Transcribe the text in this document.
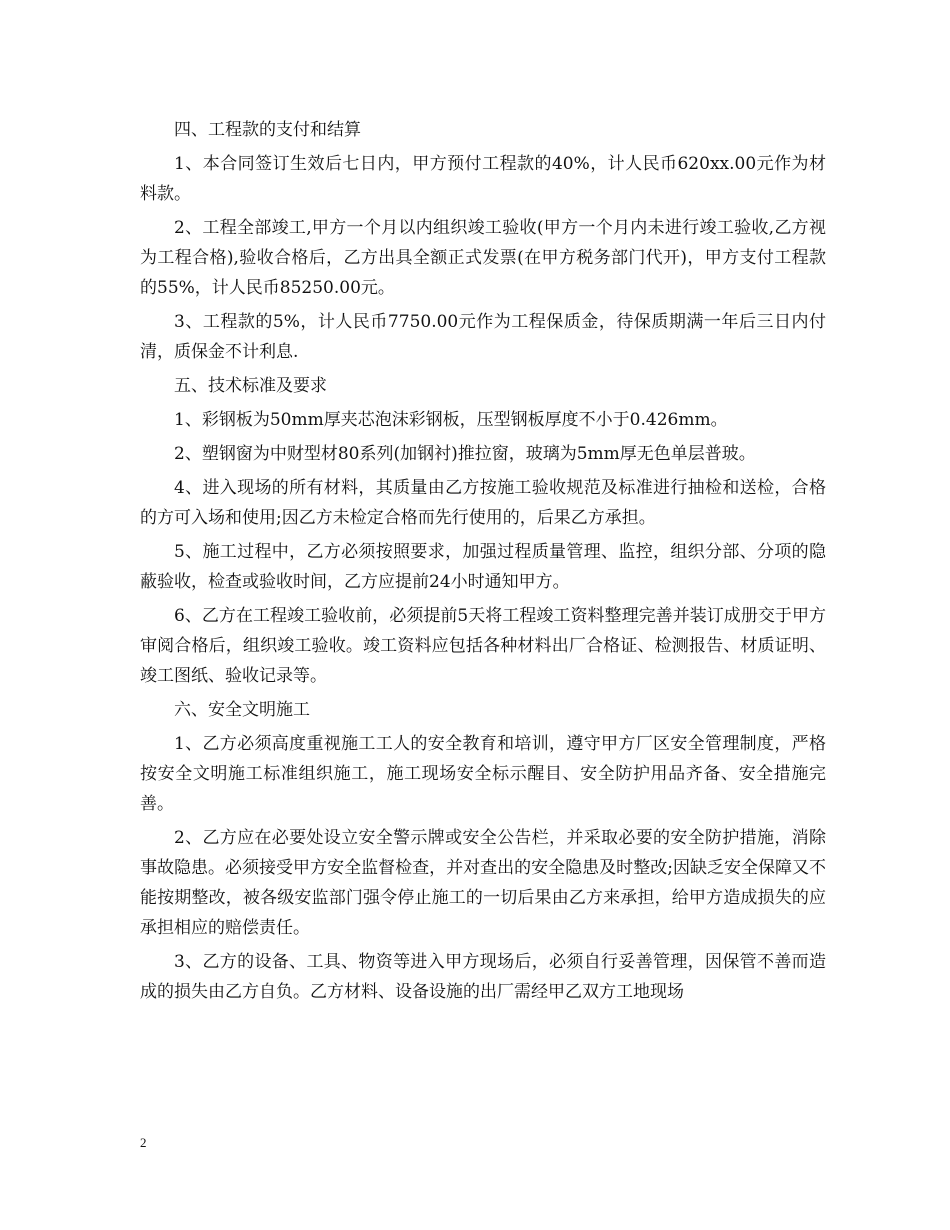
四、工程款的支付和结算

1、本合同签订生效后七日内，甲方预付工程款的40%，计人民币620xx.00元作为材料款。

2、工程全部竣工,甲方一个月以内组织竣工验收(甲方一个月内未进行竣工验收,乙方视为工程合格),验收合格后，乙方出具全额正式发票(在甲方税务部门代开)，甲方支付工程款的55%，计人民币85250.00元。

3、工程款的5%，计人民币7750.00元作为工程保质金，待保质期满一年后三日内付清，质保金不计利息.

五、技术标准及要求

1、彩钢板为50mm厚夹芯泡沫彩钢板，压型钢板厚度不小于0.426mm。

2、塑钢窗为中财型材80系列(加钢衬)推拉窗，玻璃为5mm厚无色单层普玻。

4、进入现场的所有材料，其质量由乙方按施工验收规范及标准进行抽检和送检，合格的方可入场和使用;因乙方未检定合格而先行使用的，后果乙方承担。

5、施工过程中，乙方必须按照要求，加强过程质量管理、监控，组织分部、分项的隐蔽验收，检查或验收时间，乙方应提前24小时通知甲方。

6、乙方在工程竣工验收前，必须提前5天将工程竣工资料整理完善并装订成册交于甲方审阅合格后，组织竣工验收。竣工资料应包括各种材料出厂合格证、检测报告、材质证明、竣工图纸、验收记录等。

六、安全文明施工

1、乙方必须高度重视施工工人的安全教育和培训，遵守甲方厂区安全管理制度，严格按安全文明施工标准组织施工，施工现场安全标示醒目、安全防护用品齐备、安全措施完善。

2、乙方应在必要处设立安全警示牌或安全公告栏，并采取必要的安全防护措施，消除事故隐患。必须接受甲方安全监督检查，并对查出的安全隐患及时整改;因缺乏安全保障又不能按期整改，被各级安监部门强令停止施工的一切后果由乙方来承担，给甲方造成损失的应承担相应的赔偿责任。

3、乙方的设备、工具、物资等进入甲方现场后，必须自行妥善管理，因保管不善而造成的损失由乙方自负。乙方材料、设备设施的出厂需经甲乙双方工地现场

2
